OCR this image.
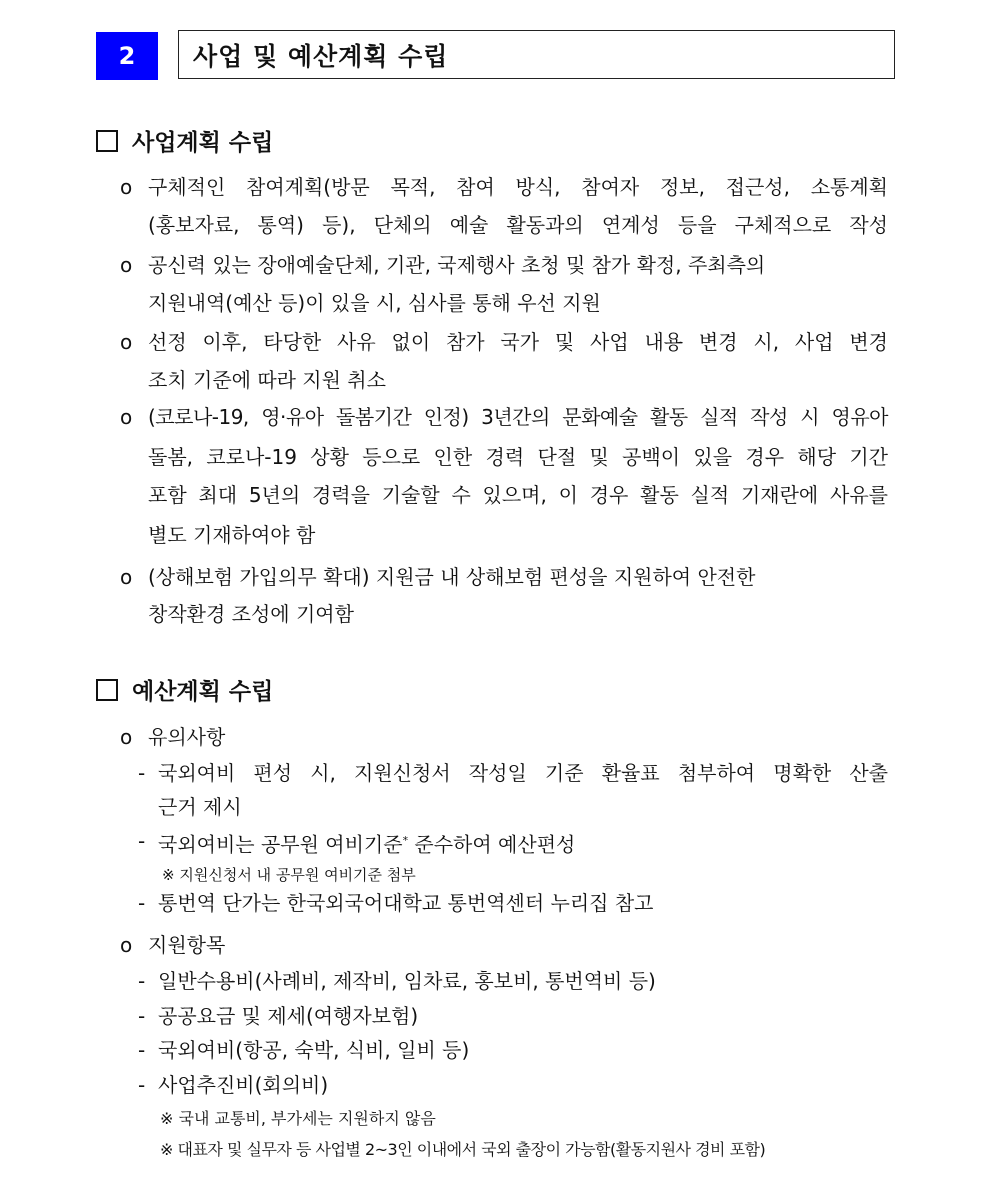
2	사업 및 예산계획 수립
사업계획 수립
o 구체적인 참여계획(방문 목적, 참여 방식, 참여자 정보, 접근성, 소통계획
(홍보자료, 통역) 등), 단체의 예술 활동과의 연계성 등을 구체적으로 작성
o 공신력 있는 장애예술단체, 기관, 국제행사 초청 및 참가 확정, 주최측의
지원내역(예산 등)이 있을 시, 심사를 통해 우선 지원
o 선정 이후, 타당한 사유 없이 참가 국가 및 사업 내용 변경 시, 사업 변경
조치 기준에 따라 지원 취소
o (코로나-19, 영·유아 돌봄기간 인정) 3년간의 문화예술 활동 실적 작성 시 영유아
돌봄, 코로나-19 상황 등으로 인한 경력 단절 및 공백이 있을 경우 해당 기간
포함 최대 5년의 경력을 기술할 수 있으며, 이 경우 활동 실적 기재란에 사유를
별도 기재하여야 함
o (상해보험 가입의무 확대) 지원금 내 상해보험 편성을 지원하여 안전한
창작환경 조성에 기여함
예산계획 수립
o 유의사항
- 국외여비 편성 시, 지원신청서 작성일 기준 환율표 첨부하여 명확한 산출
근거 제시
- 국외여비는 공무원 여비기준* 준수하여 예산편성
※ 지원신청서 내 공무원 여비기준 첨부
- 통번역 단가는 한국외국어대학교 통번역센터 누리집 참고
o 지원항목
- 일반수용비(사례비, 제작비, 임차료, 홍보비, 통번역비 등)
- 공공요금 및 제세(여행자보험)
- 국외여비(항공, 숙박, 식비, 일비 등)
- 사업추진비(회의비)
※ 국내 교통비, 부가세는 지원하지 않음
※ 대표자 및 실무자 등 사업별 2~3인 이내에서 국외 출장이 가능함(활동지원사 경비 포함)
